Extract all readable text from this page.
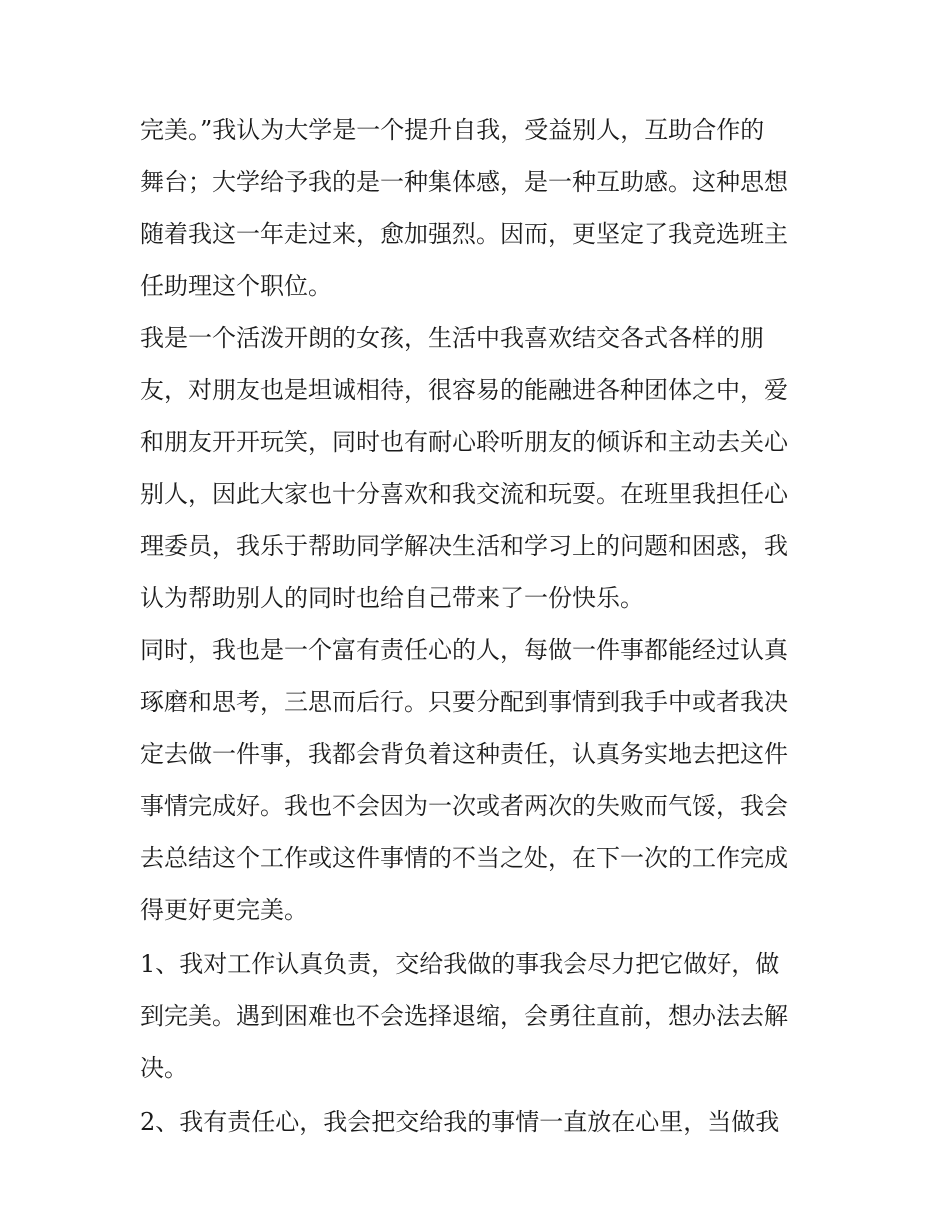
完美。”我认为大学是一个提升自我，受益别人，互助合作的
舞台；大学给予我的是一种集体感，是一种互助感。这种思想
随着我这一年走过来，愈加强烈。因而，更坚定了我竞选班主
任助理这个职位。
我是一个活泼开朗的女孩，生活中我喜欢结交各式各样的朋
友，对朋友也是坦诚相待，很容易的能融进各种团体之中，爱
和朋友开开玩笑，同时也有耐心聆听朋友的倾诉和主动去关心
别人，因此大家也十分喜欢和我交流和玩耍。在班里我担任心
理委员，我乐于帮助同学解决生活和学习上的问题和困惑，我
认为帮助别人的同时也给自己带来了一份快乐。
同时，我也是一个富有责任心的人，每做一件事都能经过认真
琢磨和思考，三思而后行。只要分配到事情到我手中或者我决
定去做一件事，我都会背负着这种责任，认真务实地去把这件
事情完成好。我也不会因为一次或者两次的失败而气馁，我会
去总结这个工作或这件事情的不当之处，在下一次的工作完成
得更好更完美。
1、我对工作认真负责，交给我做的事我会尽力把它做好，做
到完美。遇到困难也不会选择退缩，会勇往直前，想办法去解
决。
2、我有责任心，我会把交给我的事情一直放在心里，当做我
